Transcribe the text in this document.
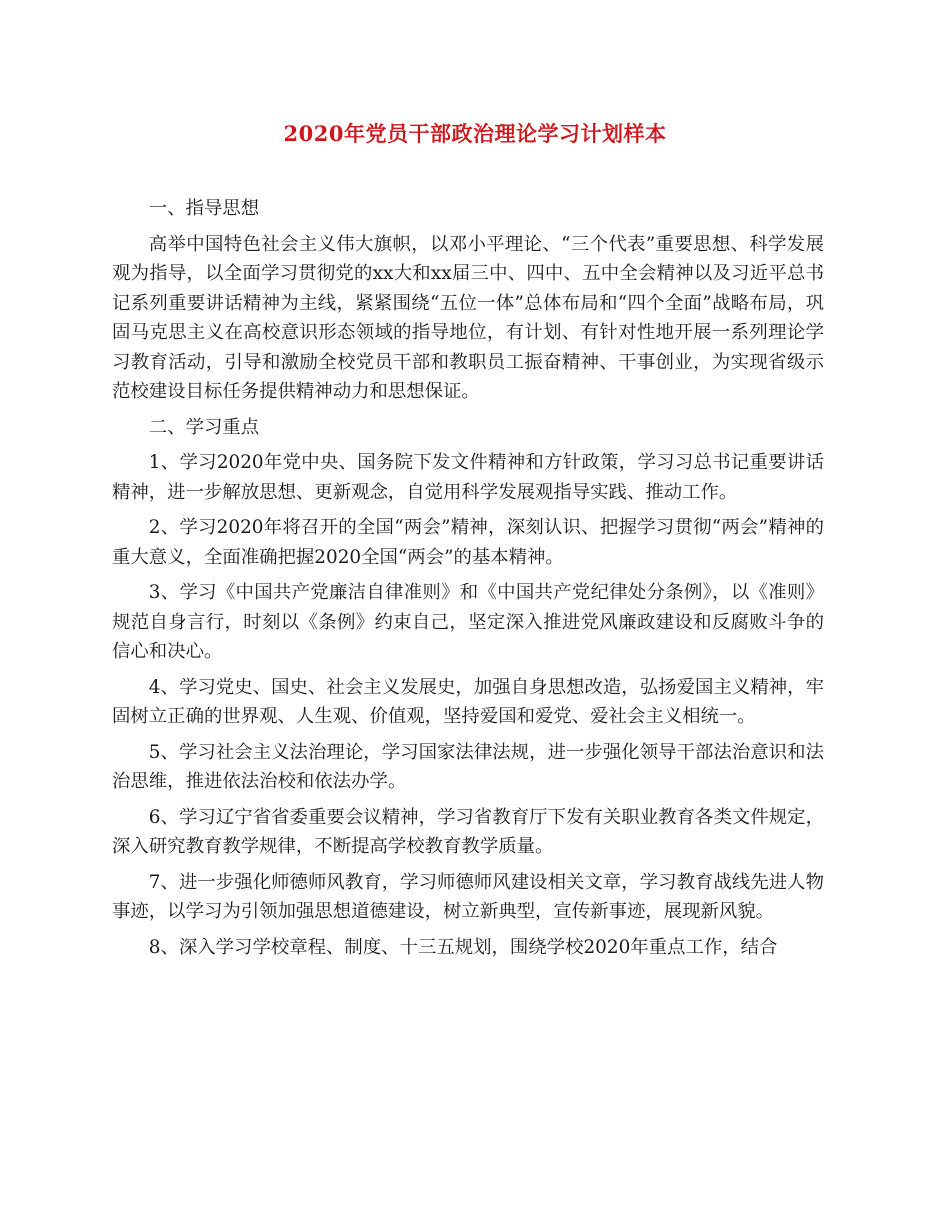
2020年党员干部政治理论学习计划样本

一、指导思想

高举中国特色社会主义伟大旗帜，以邓小平理论、“三个代表”重要思想、科学发展观为指导，以全面学习贯彻党的xx大和xx届三中、四中、五中全会精神以及习近平总书记系列重要讲话精神为主线，紧紧围绕“五位一体”总体布局和“四个全面”战略布局，巩固马克思主义在高校意识形态领域的指导地位，有计划、有针对性地开展一系列理论学习教育活动，引导和激励全校党员干部和教职员工振奋精神、干事创业，为实现省级示范校建设目标任务提供精神动力和思想保证。

二、学习重点

1、学习2020年党中央、国务院下发文件精神和方针政策，学习习总书记重要讲话精神，进一步解放思想、更新观念，自觉用科学发展观指导实践、推动工作。

2、学习2020年将召开的全国“两会”精神，深刻认识、把握学习贯彻“两会”精神的重大意义，全面准确把握2020全国“两会”的基本精神。

3、学习《中国共产党廉洁自律准则》和《中国共产党纪律处分条例》，以《准则》规范自身言行，时刻以《条例》约束自己，坚定深入推进党风廉政建设和反腐败斗争的信心和决心。

4、学习党史、国史、社会主义发展史，加强自身思想改造，弘扬爱国主义精神，牢固树立正确的世界观、人生观、价值观，坚持爱国和爱党、爱社会主义相统一。

5、学习社会主义法治理论，学习国家法律法规，进一步强化领导干部法治意识和法治思维，推进依法治校和依法办学。

6、学习辽宁省省委重要会议精神，学习省教育厅下发有关职业教育各类文件规定，深入研究教育教学规律，不断提高学校教育教学质量。

7、进一步强化师德师风教育，学习师德师风建设相关文章，学习教育战线先进人物事迹，以学习为引领加强思想道德建设，树立新典型，宣传新事迹，展现新风貌。

8、深入学习学校章程、制度、十三五规划，围绕学校2020年重点工作，结合
